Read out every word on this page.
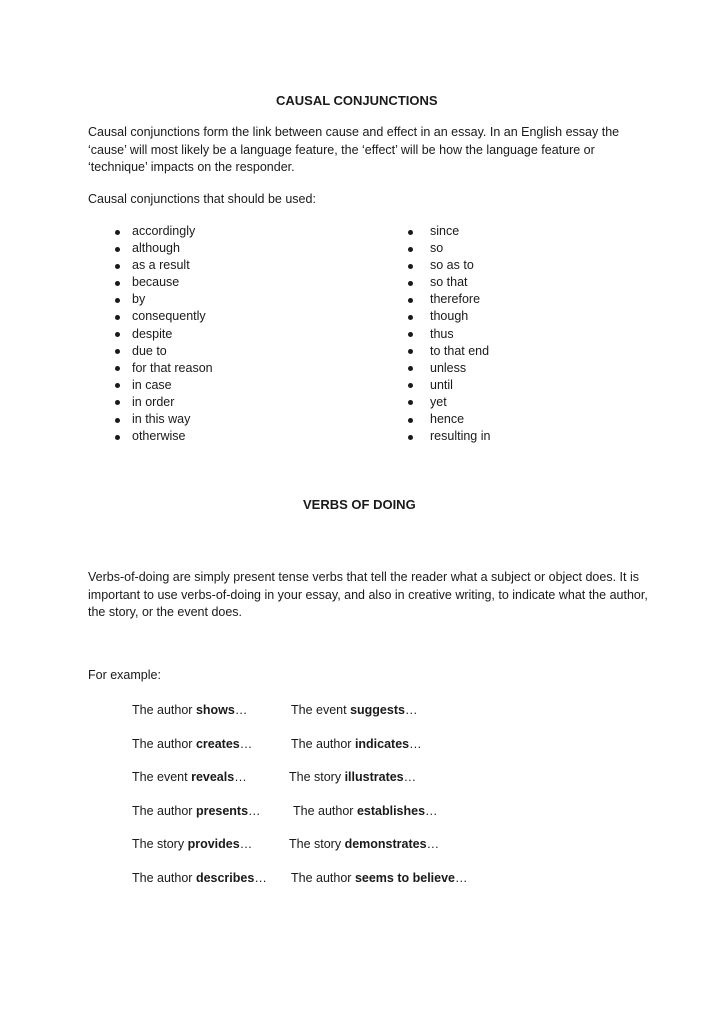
CAUSAL CONJUNCTIONS

Causal conjunctions form the link between cause and effect in an essay. In an English essay the ‘cause’ will most likely be a language feature, the ‘effect’ will be how the language feature or ‘technique’ impacts on the responder.

Causal conjunctions that should be used:

accordingly
although
as a result
because
by
consequently
despite
due to
for that reason
in case
in order
in this way
otherwise
since
so
so as to
so that
therefore
though
thus
to that end
unless
until
yet
hence
resulting in
VERBS OF DOING

Verbs-of-doing are simply present tense verbs that tell the reader what a subject or object does. It is important to use verbs-of-doing in your essay, and also in creative writing, to indicate what the author, the story, or the event does.

For example:

The author shows…	The event suggests…
The author creates…	The author indicates…
The event reveals…	The story illustrates…
The author presents…	The author establishes…
The story provides…	The story demonstrates…
The author describes… The author seems to believe…
